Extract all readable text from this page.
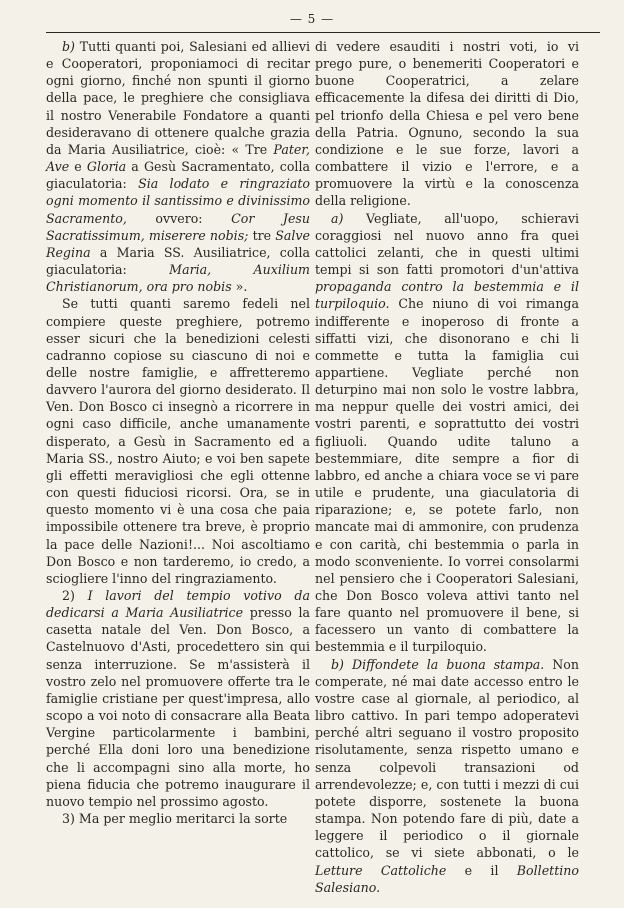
— 5 —

b) Tutti quanti poi, Salesiani ed allievi e Cooperatori, proponiamoci di recitar ogni giorno, finché non spunti il giorno della pace, le preghiere che consigliava il nostro Venerabile Fondatore a quanti desideravano di ottenere qualche grazia da Maria Ausiliatrice, cioè: « Tre Pater, Ave e Gloria a Gesù Sacramentato, colla giaculatoria: Sia lodato e ringraziato ogni momento il santissimo e divinissimo Sacramento, ovvero: Cor Jesu Sacratissimum, miserere nobis; tre Salve Regina a Maria SS. Ausiliatrice, colla giaculatoria: Maria, Auxilium Christianorum, ora pro nobis ».

Se tutti quanti saremo fedeli nel compiere queste preghiere, potremo esser sicuri che la benedizioni celesti cadranno copiose su ciascuno di noi e delle nostre famiglie, e affretteremo davvero l'aurora del giorno desiderato. Il Ven. Don Bosco ci insegnò a ricorrere in ogni caso difficile, anche umanamente disperato, a Gesù in Sacramento ed a Maria SS., nostro Aiuto; e voi ben sapete gli effetti meravigliosi che egli ottenne con questi fiduciosi ricorsi. Ora, se in questo momento vi è una cosa che paia impossibile ottenere tra breve, è proprio la pace delle Nazioni!... Noi ascoltiamo Don Bosco e non tarderemo, io credo, a sciogliere l'inno del ringraziamento.

2) I lavori del tempio votivo da dedicarsi a Maria Ausiliatrice presso la casetta natale del Ven. Don Bosco, a Castelnuovo d'Asti, procedettero sin qui senza interruzione. Se m'assisterà il vostro zelo nel promuovere offerte tra le famiglie cristiane per quest'impresa, allo scopo a voi noto di consacrare alla Beata Vergine particolarmente i bambini, perché Ella doni loro una benedizione che li accompagni sino alla morte, ho piena fiducia che potremo inaugurare il nuovo tempio nel prossimo agosto.

3) Ma per meglio meritarci la sorte

di vedere esauditi i nostri voti, io vi prego pure, o benemeriti Cooperatori e buone Cooperatrici, a zelare efficacemente la difesa dei diritti di Dio, pel trionfo della Chiesa e pel vero bene della Patria. Ognuno, secondo la sua condizione e le sue forze, lavori a combattere il vizio e l'errore, e a promuovere la virtù e la conoscenza della religione.

a) Vegliate, all'uopo, schieravi coraggiosi nel nuovo anno fra quei cattolici zelanti, che in questi ultimi tempi si son fatti promotori d'un'attiva propaganda contro la bestemmia e il turpiloquio. Che niuno di voi rimanga indifferente e inoperoso di fronte a siffatti vizi, che disonorano e chi li commette e tutta la famiglia cui appartiene. Vegliate perché non deturpino mai non solo le vostre labbra, ma neppur quelle dei vostri amici, dei vostri parenti, e soprattutto dei vostri figliuoli. Quando udite taluno a bestemmiare, dite sempre a fior di labbro, ed anche a chiara voce se vi pare utile e prudente, una giaculatoria di riparazione; e, se potete farlo, non mancate mai di ammonire, con prudenza e con carità, chi bestemmia o parla in modo sconveniente. Io vorrei consolarmi nel pensiero che i Cooperatori Salesiani, che Don Bosco voleva attivi tanto nel fare quanto nel promuovere il bene, si facessero un vanto di combattere la bestemmia e il turpiloquio.

b) Diffondete la buona stampa. Non comperate, né mai date accesso entro le vostre case al giornale, al periodico, al libro cattivo. In pari tempo adoperatevi perché altri seguano il vostro proposito risolutamente, senza rispetto umano e senza colpevoli transazioni od arrendevolezze; e, con tutti i mezzi di cui potete disporre, sostenete la buona stampa. Non potendo fare di più, date a leggere il periodico o il giornale cattolico, se vi siete abbonati, o le Letture Cattoliche e il Bollettino Salesiano.
